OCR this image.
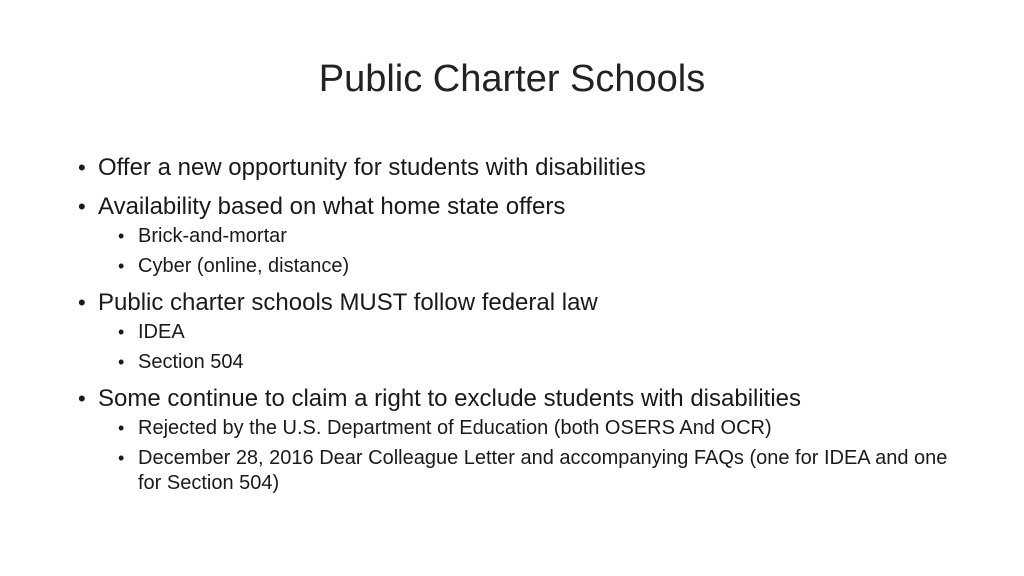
Public Charter Schools
• Offer a new opportunity for students with disabilities
• Availability based on what home state offers
• Brick-and-mortar
• Cyber (online, distance)
• Public charter schools MUST follow federal law
• IDEA
• Section 504
• Some continue to claim a right to exclude students with disabilities
• Rejected by the U.S. Department of Education (both OSERS And OCR)
• December 28, 2016 Dear Colleague Letter and accompanying FAQs (one for IDEA and one for Section 504)
